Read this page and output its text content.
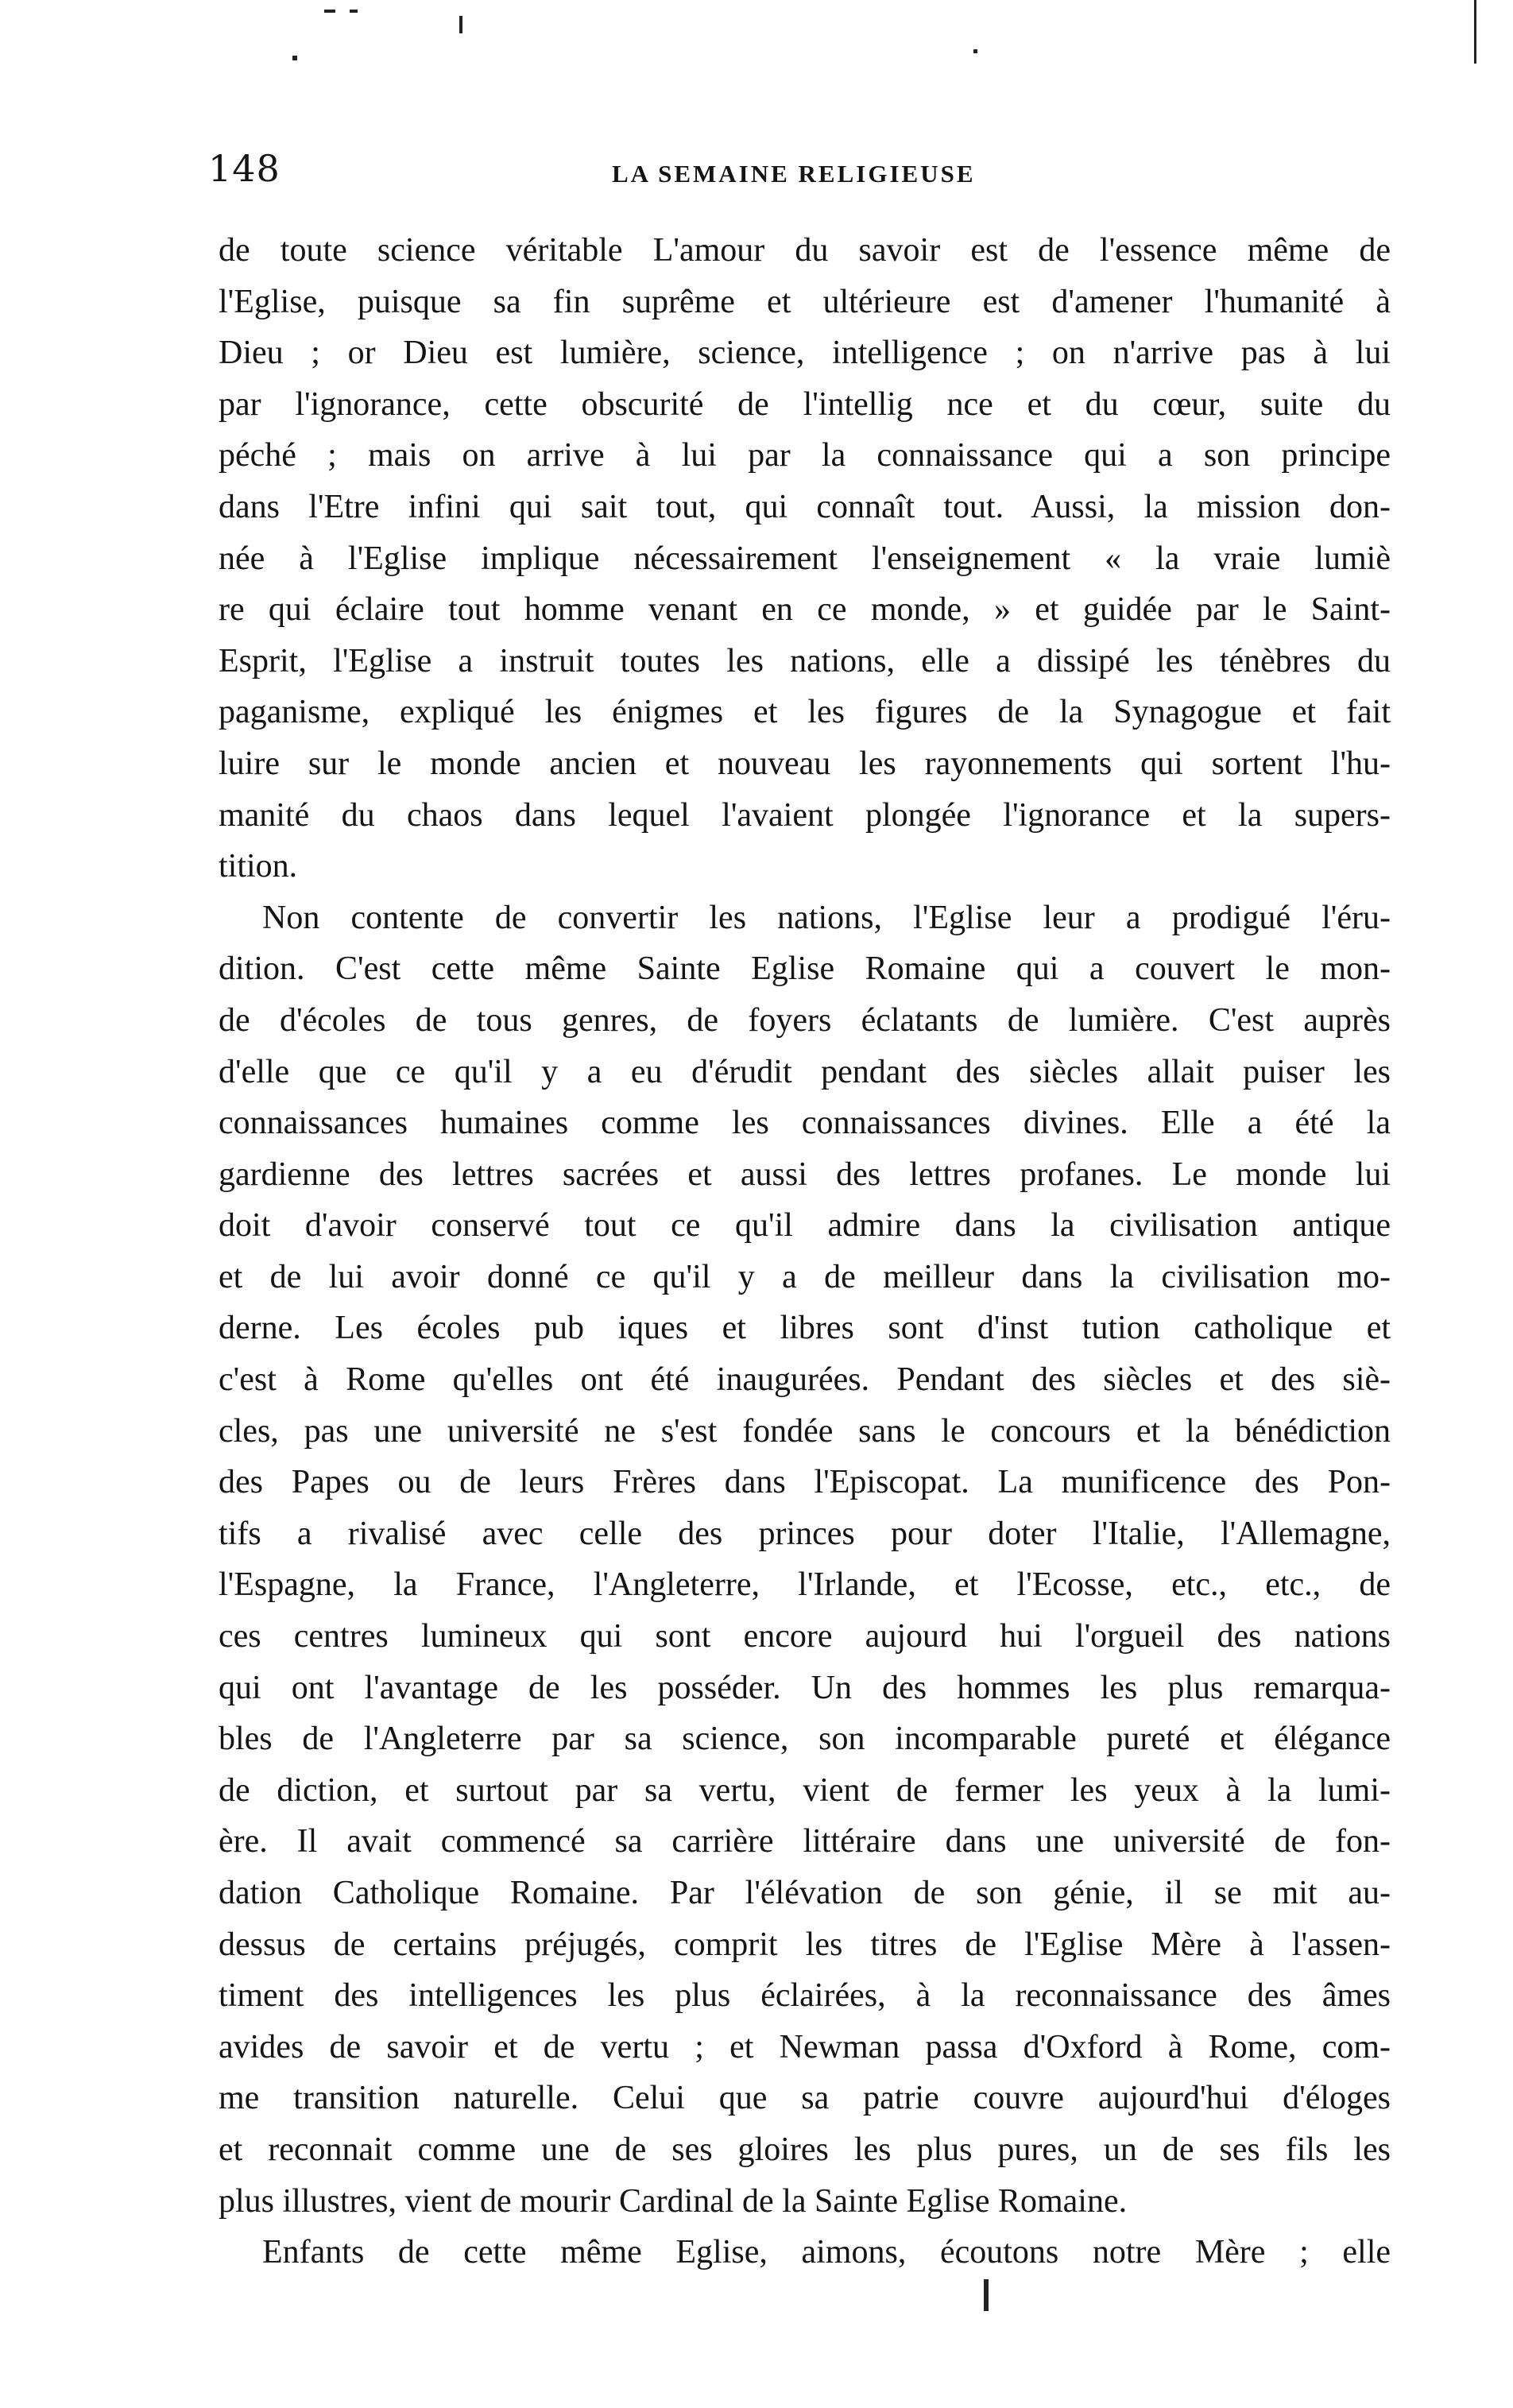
148	LA SEMAINE RELIGIEUSE
de toute science véritable L'amour du savoir est de l'essence même de
l'Eglise, puisque sa fin suprême et ultérieure est d'amener l'humanité à
Dieu ; or Dieu est lumière, science, intelligence ; on n'arrive pas à lui
par l'ignorance, cette obscurité de l'intellig nce et du cœur, suite du
péché ; mais on arrive à lui par la connaissance qui a son principe
dans l'Etre infini qui sait tout, qui connaît tout. Aussi, la mission don-
née à l'Eglise implique nécessairement l'enseignement « la vraie lumiè
re qui éclaire tout homme venant en ce monde, » et guidée par le Saint-
Esprit, l'Eglise a instruit toutes les nations, elle a dissipé les ténèbres du
paganisme, expliqué les énigmes et les figures de la Synagogue et fait
luire sur le monde ancien et nouveau les rayonnements qui sortent l'hu-
manité du chaos dans lequel l'avaient plongée l'ignorance et la supers-
tition.
Non contente de convertir les nations, l'Eglise leur a prodigué l'éru-
dition. C'est cette même Sainte Eglise Romaine qui a couvert le mon-
de d'écoles de tous genres, de foyers éclatants de lumière. C'est auprès
d'elle que ce qu'il y a eu d'érudit pendant des siècles allait puiser les
connaissances humaines comme les connaissances divines. Elle a été la
gardienne des lettres sacrées et aussi des lettres profanes. Le monde lui
doit d'avoir conservé tout ce qu'il admire dans la civilisation antique
et de lui avoir donné ce qu'il y a de meilleur dans la civilisation mo-
derne. Les écoles pub iques et libres sont d'inst tution catholique et
c'est à Rome qu'elles ont été inaugurées. Pendant des siècles et des siè-
cles, pas une université ne s'est fondée sans le concours et la bénédiction
des Papes ou de leurs Frères dans l'Episcopat. La munificence des Pon-
tifs a rivalisé avec celle des princes pour doter l'Italie, l'Allemagne,
l'Espagne, la France, l'Angleterre, l'Irlande, et l'Ecosse, etc., etc., de
ces centres lumineux qui sont encore aujourd hui l'orgueil des nations
qui ont l'avantage de les posséder. Un des hommes les plus remarqua-
bles de l'Angleterre par sa science, son incomparable pureté et élégance
de diction, et surtout par sa vertu, vient de fermer les yeux à la lumi-
ère. Il avait commencé sa carrière littéraire dans une université de fon-
dation Catholique Romaine. Par l'élévation de son génie, il se mit au-
dessus de certains préjugés, comprit les titres de l'Eglise Mère à l'assen-
timent des intelligences les plus éclairées, à la reconnaissance des âmes
avides de savoir et de vertu ; et Newman passa d'Oxford à Rome, com-
me transition naturelle. Celui que sa patrie couvre aujourd'hui d'éloges
et reconnait comme une de ses gloires les plus pures, un de ses fils les
plus illustres, vient de mourir Cardinal de la Sainte Eglise Romaine.
Enfants de cette même Eglise, aimons, écoutons notre Mère ; elle
